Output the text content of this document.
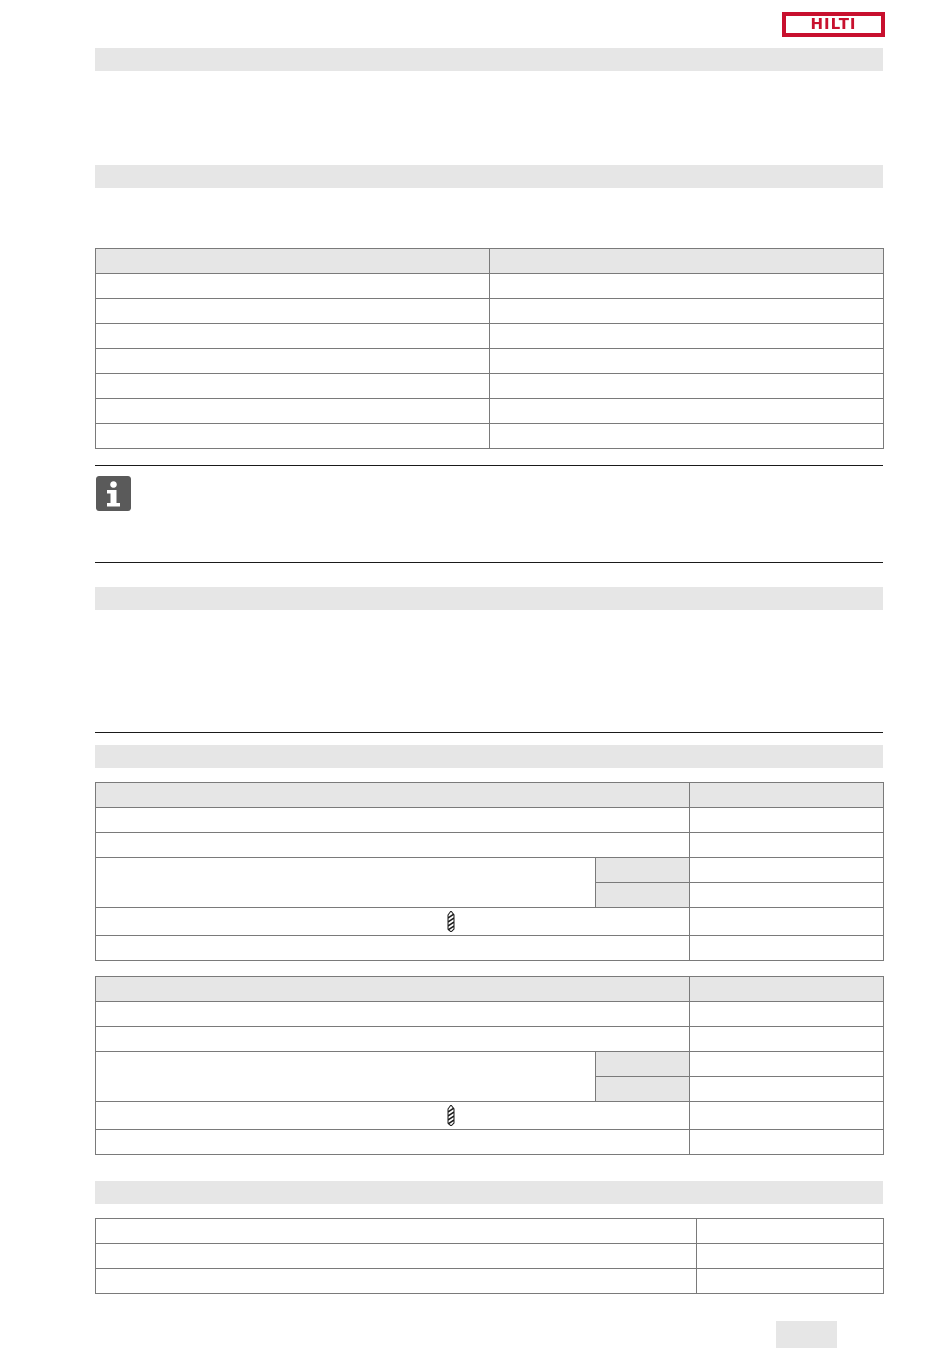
HILTI
